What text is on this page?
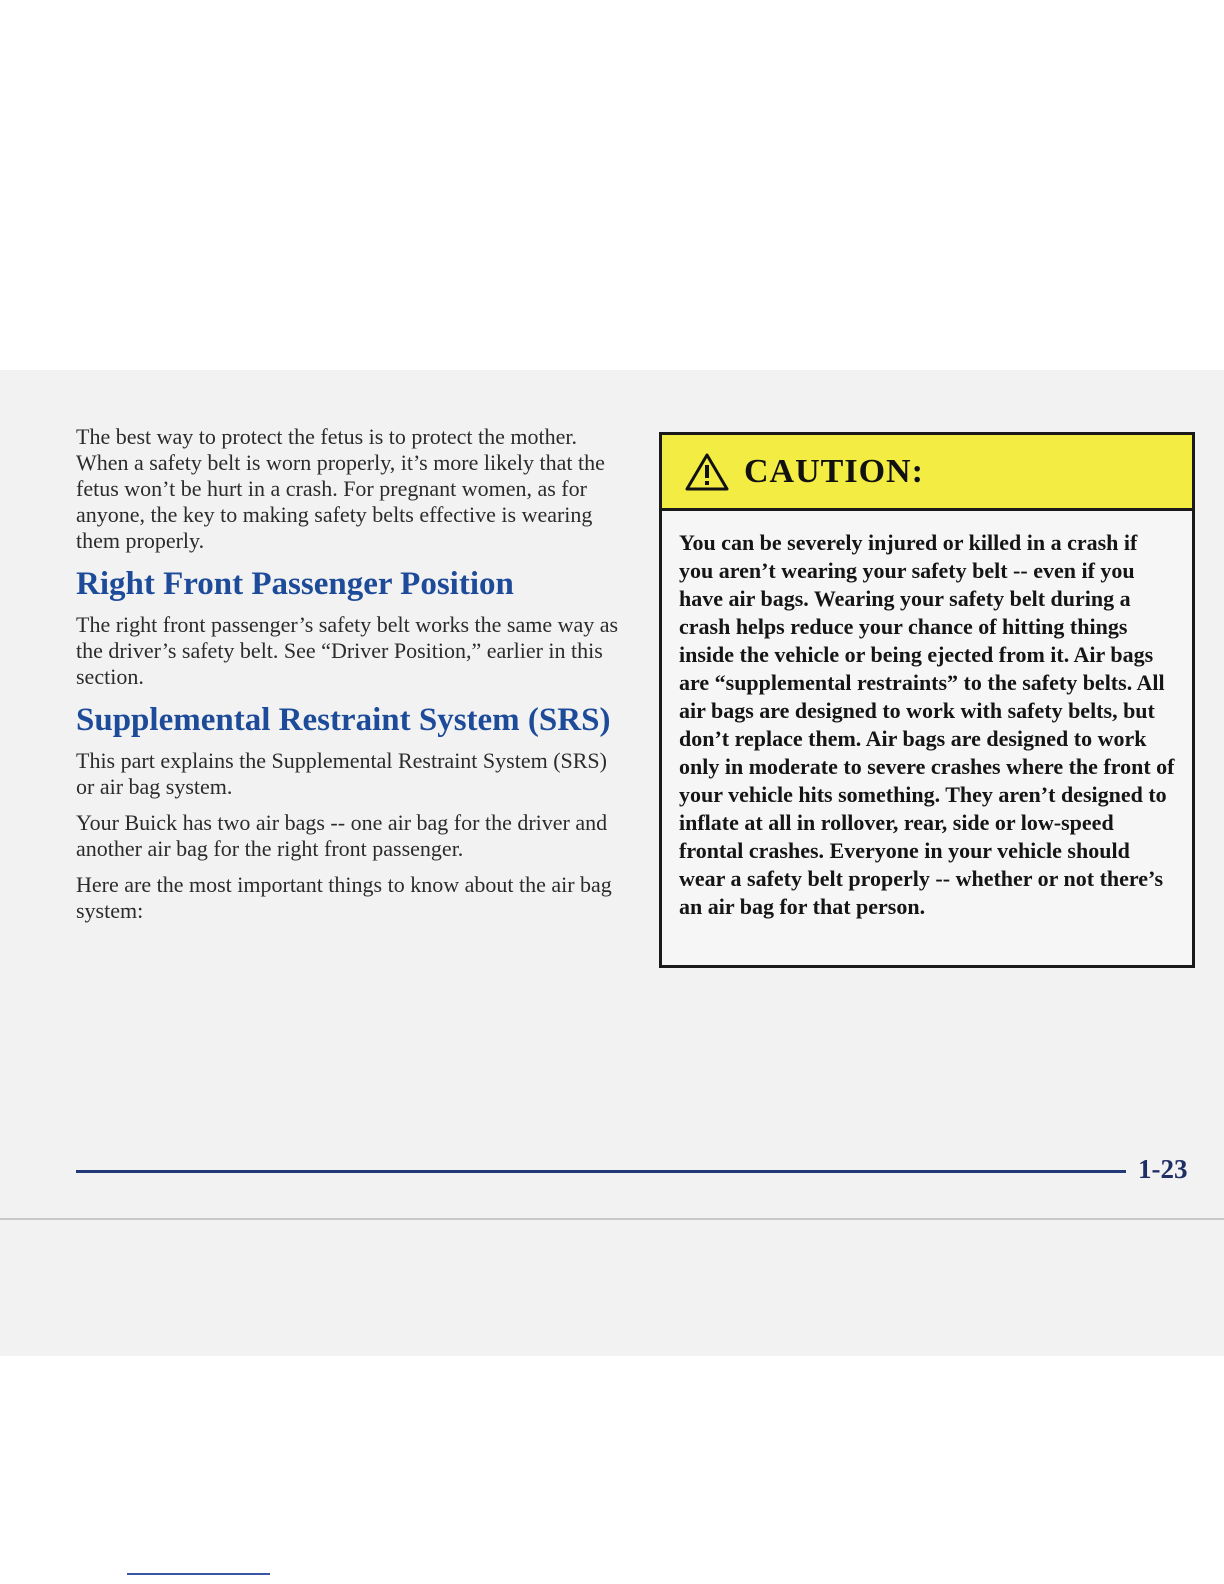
The best way to protect the fetus is to protect the mother. When a safety belt is worn properly, it’s more likely that the fetus won’t be hurt in a crash. For pregnant women, as for anyone, the key to making safety belts effective is wearing them properly.

Right Front Passenger Position

The right front passenger’s safety belt works the same way as the driver’s safety belt. See “Driver Position,” earlier in this section.

Supplemental Restraint System (SRS)

This part explains the Supplemental Restraint System (SRS) or air bag system.

Your Buick has two air bags -- one air bag for the driver and another air bag for the right front passenger.

Here are the most important things to know about the air bag system:

CAUTION:

You can be severely injured or killed in a crash if you aren’t wearing your safety belt -- even if you have air bags. Wearing your safety belt during a crash helps reduce your chance of hitting things inside the vehicle or being ejected from it. Air bags are “supplemental restraints” to the safety belts. All air bags are designed to work with safety belts, but don’t replace them. Air bags are designed to work only in moderate to severe crashes where the front of your vehicle hits something. They aren’t designed to inflate at all in rollover, rear, side or low-speed frontal crashes. Everyone in your vehicle should wear a safety belt properly -- whether or not there’s an air bag for that person.

1-23
